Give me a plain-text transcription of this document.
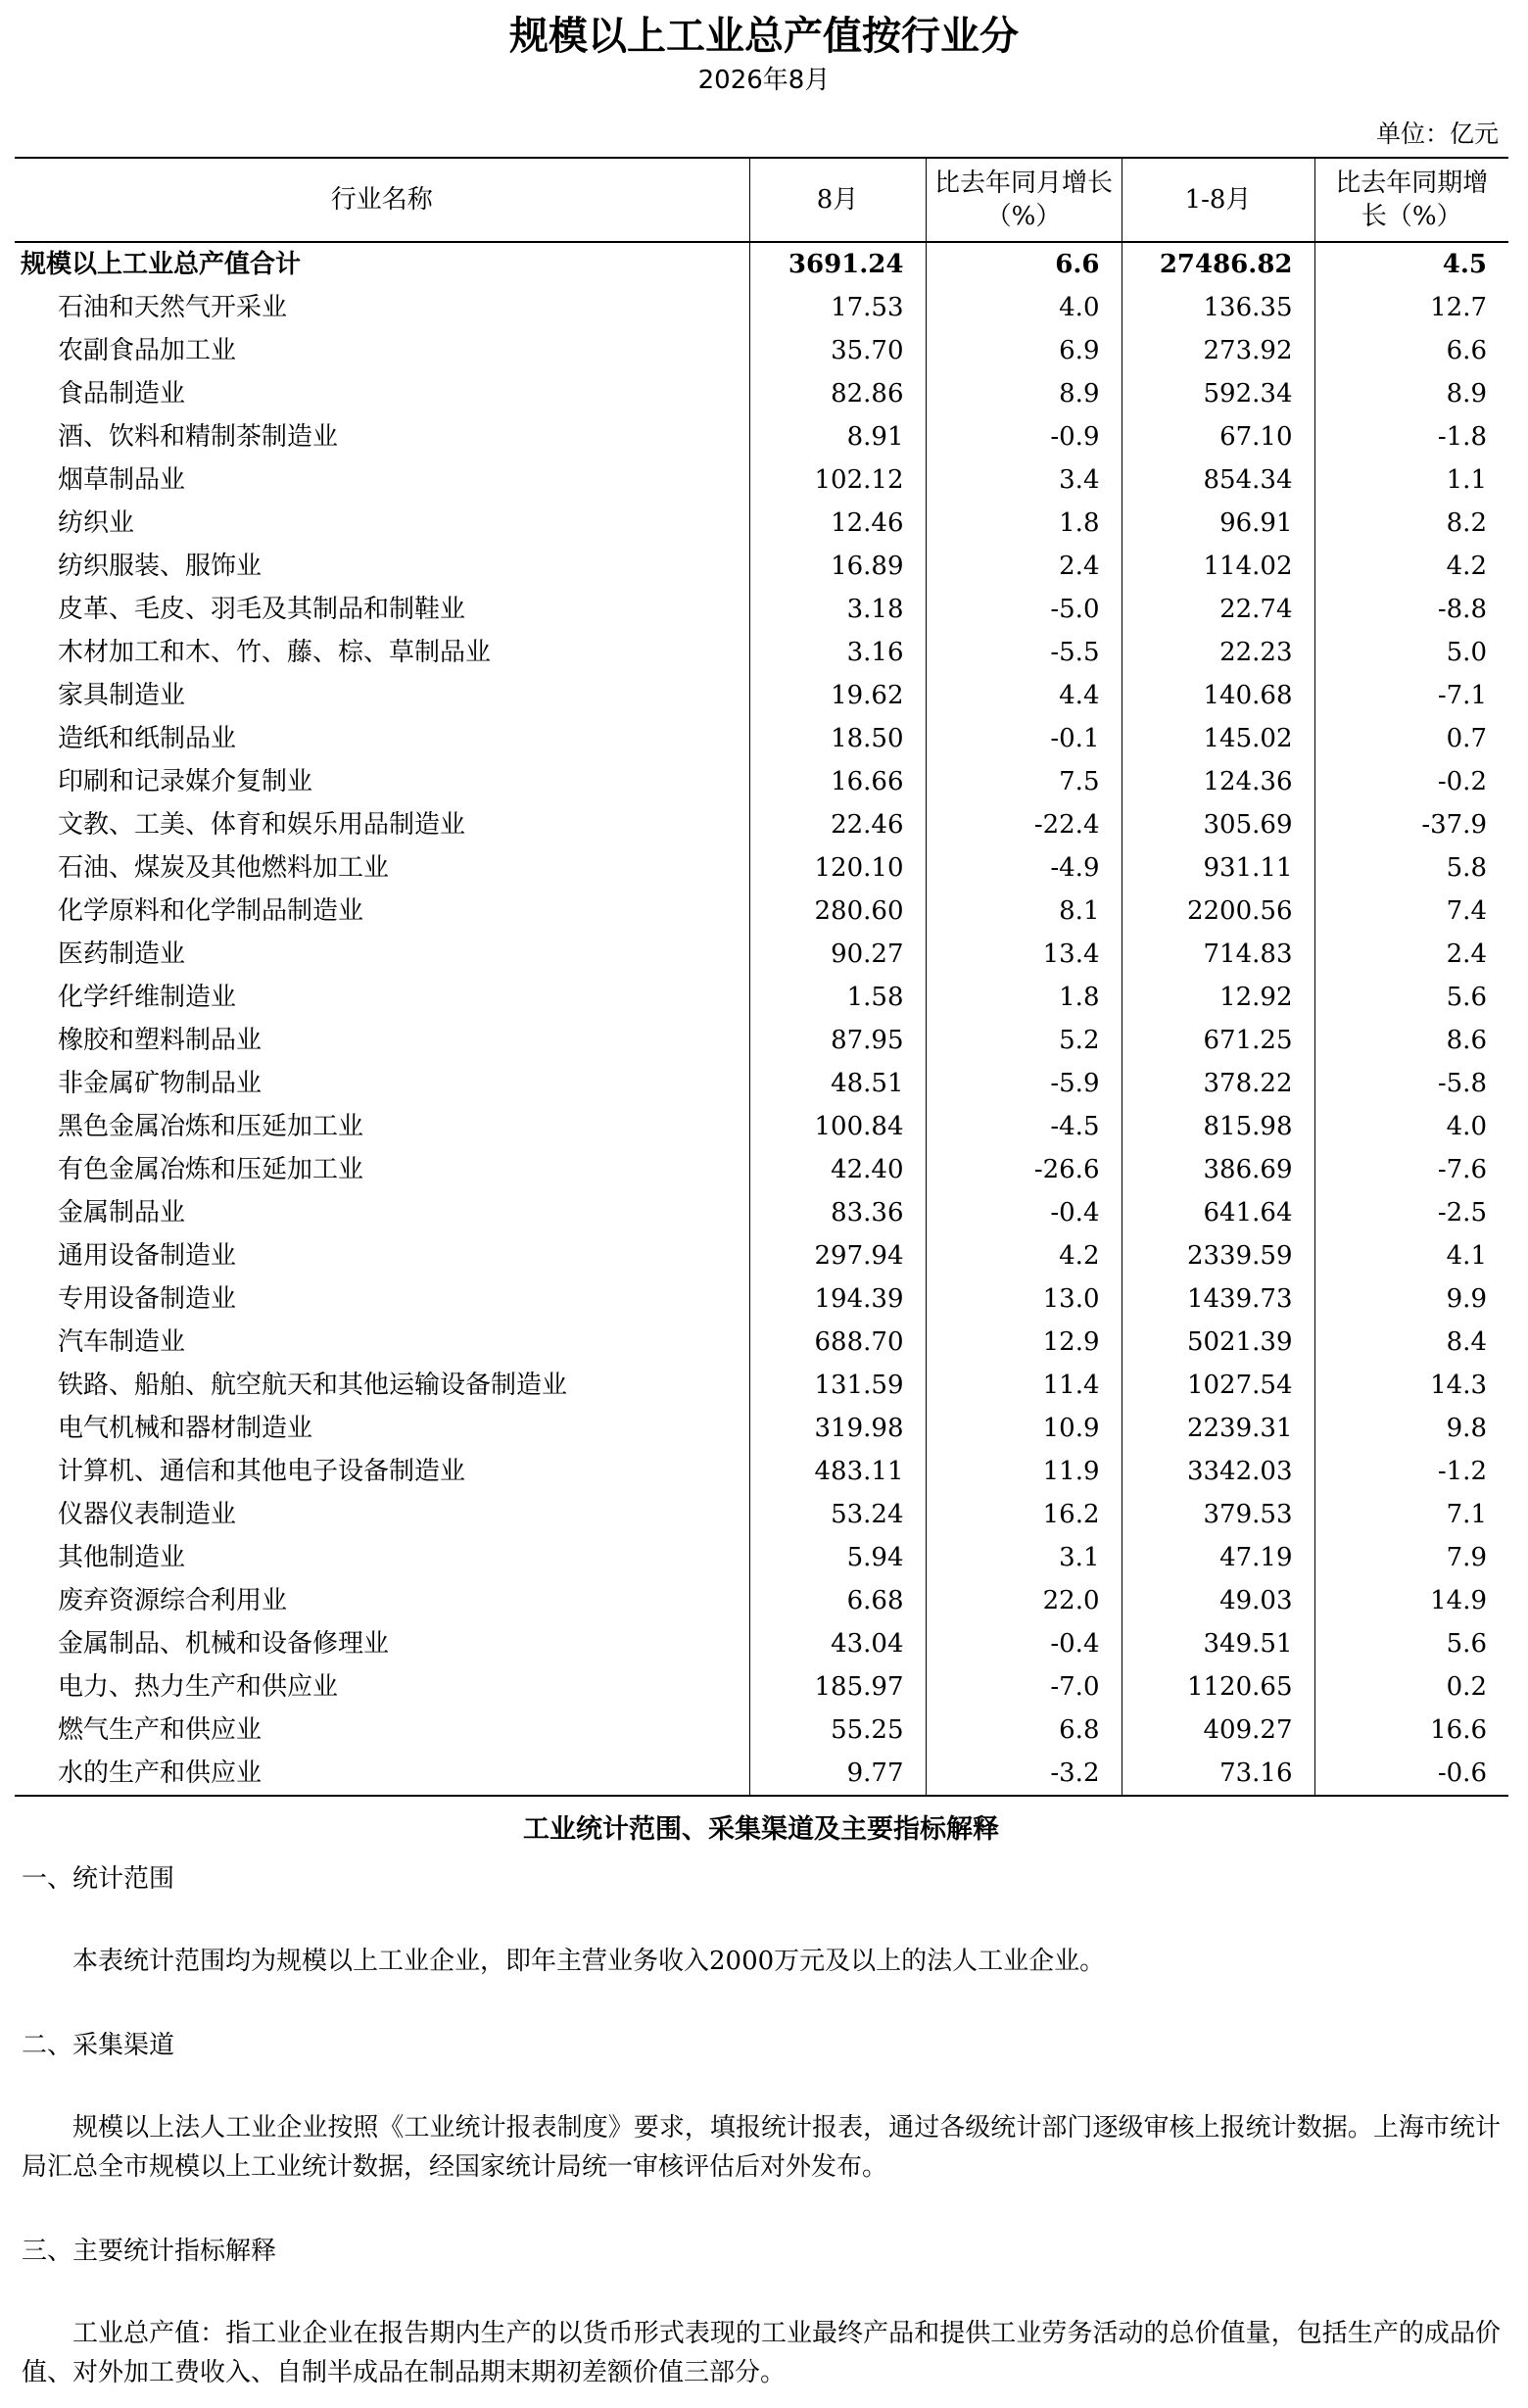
规模以上工业总产值按行业分
2026年8月
单位：亿元
行业名称	8月	比去年同月增长（%）	1-8月	比去年同期增长（%）
规模以上工业总产值合计	3691.24	6.6	27486.82	4.5
石油和天然气开采业	17.53	4.0	136.35	12.7
农副食品加工业	35.70	6.9	273.92	6.6
食品制造业	82.86	8.9	592.34	8.9
酒、饮料和精制茶制造业	8.91	-0.9	67.10	-1.8
烟草制品业	102.12	3.4	854.34	1.1
纺织业	12.46	1.8	96.91	8.2
纺织服装、服饰业	16.89	2.4	114.02	4.2
皮革、毛皮、羽毛及其制品和制鞋业	3.18	-5.0	22.74	-8.8
木材加工和木、竹、藤、棕、草制品业	3.16	-5.5	22.23	5.0
家具制造业	19.62	4.4	140.68	-7.1
造纸和纸制品业	18.50	-0.1	145.02	0.7
印刷和记录媒介复制业	16.66	7.5	124.36	-0.2
文教、工美、体育和娱乐用品制造业	22.46	-22.4	305.69	-37.9
石油、煤炭及其他燃料加工业	120.10	-4.9	931.11	5.8
化学原料和化学制品制造业	280.60	8.1	2200.56	7.4
医药制造业	90.27	13.4	714.83	2.4
化学纤维制造业	1.58	1.8	12.92	5.6
橡胶和塑料制品业	87.95	5.2	671.25	8.6
非金属矿物制品业	48.51	-5.9	378.22	-5.8
黑色金属冶炼和压延加工业	100.84	-4.5	815.98	4.0
有色金属冶炼和压延加工业	42.40	-26.6	386.69	-7.6
金属制品业	83.36	-0.4	641.64	-2.5
通用设备制造业	297.94	4.2	2339.59	4.1
专用设备制造业	194.39	13.0	1439.73	9.9
汽车制造业	688.70	12.9	5021.39	8.4
铁路、船舶、航空航天和其他运输设备制造业	131.59	11.4	1027.54	14.3
电气机械和器材制造业	319.98	10.9	2239.31	9.8
计算机、通信和其他电子设备制造业	483.11	11.9	3342.03	-1.2
仪器仪表制造业	53.24	16.2	379.53	7.1
其他制造业	5.94	3.1	47.19	7.9
废弃资源综合利用业	6.68	22.0	49.03	14.9
金属制品、机械和设备修理业	43.04	-0.4	349.51	5.6
电力、热力生产和供应业	185.97	-7.0	1120.65	0.2
燃气生产和供应业	55.25	6.8	409.27	16.6
水的生产和供应业	9.77	-3.2	73.16	-0.6
工业统计范围、采集渠道及主要指标解释

一、统计范围

本表统计范围均为规模以上工业企业，即年主营业务收入2000万元及以上的法人工业企业。

二、采集渠道

规模以上法人工业企业按照《工业统计报表制度》要求，填报统计报表，通过各级统计部门逐级审核上报统计数据。上海市统计局汇总全市规模以上工业统计数据，经国家统计局统一审核评估后对外发布。

三、主要统计指标解释

工业总产值：指工业企业在报告期内生产的以货币形式表现的工业最终产品和提供工业劳务活动的总价值量，包括生产的成品价值、对外加工费收入、自制半成品在制品期末期初差额价值三部分。
